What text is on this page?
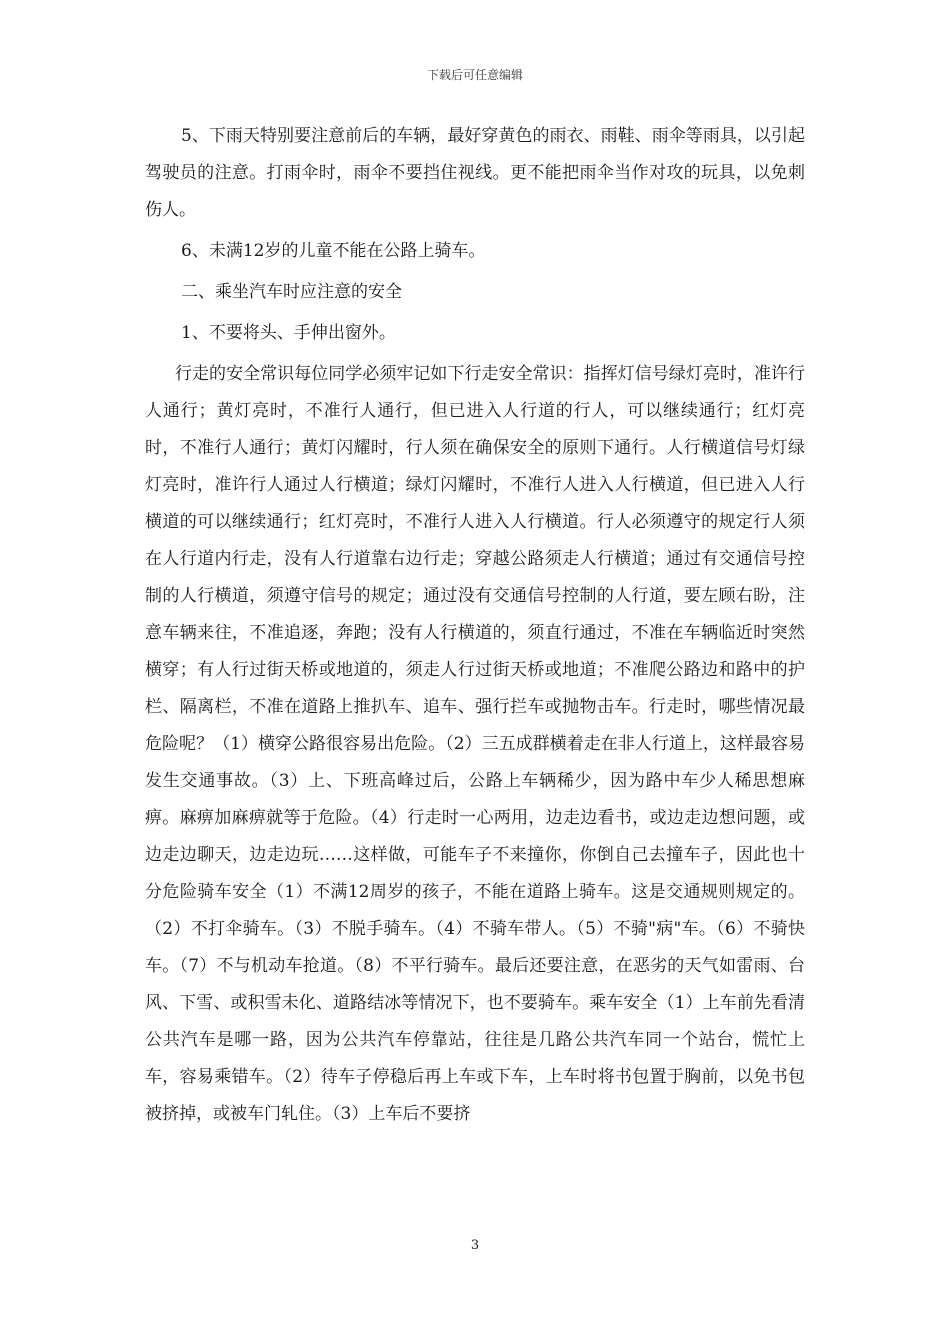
下载后可任意编辑

5、下雨天特别要注意前后的车辆，最好穿黄色的雨衣、雨鞋、雨伞等雨具，以引起驾驶员的注意。打雨伞时，雨伞不要挡住视线。更不能把雨伞当作对攻的玩具，以免刺伤人。

6、未满12岁的儿童不能在公路上骑车。

二、乘坐汽车时应注意的安全

1、不要将头、手伸出窗外。

行走的安全常识每位同学必须牢记如下行走安全常识：指挥灯信号绿灯亮时，准许行人通行；黄灯亮时，不准行人通行，但已进入人行道的行人，可以继续通行；红灯亮时，不准行人通行；黄灯闪耀时，行人须在确保安全的原则下通行。人行横道信号灯绿灯亮时，准许行人通过人行横道；绿灯闪耀时，不准行人进入人行横道，但已进入人行横道的可以继续通行；红灯亮时，不准行人进入人行横道。行人必须遵守的规定行人须在人行道内行走，没有人行道靠右边行走；穿越公路须走人行横道；通过有交通信号控制的人行横道，须遵守信号的规定；通过没有交通信号控制的人行道，要左顾右盼，注意车辆来往，不准追逐，奔跑；没有人行横道的，须直行通过，不准在车辆临近时突然横穿；有人行过街天桥或地道的，须走人行过街天桥或地道；不准爬公路边和路中的护栏、隔离栏，不准在道路上推扒车、追车、强行拦车或抛物击车。行走时，哪些情况最危险呢？（1）横穿公路很容易出危险。（2）三五成群横着走在非人行道上，这样最容易发生交通事故。（3）上、下班高峰过后，公路上车辆稀少，因为路中车少人稀思想麻痹。麻痹加麻痹就等于危险。（4）行走时一心两用，边走边看书，或边走边想问题，或边走边聊天，边走边玩……这样做，可能车子不来撞你，你倒自己去撞车子，因此也十分危险骑车安全（1）不满12周岁的孩子，不能在道路上骑车。这是交通规则规定的。（2）不打伞骑车。（3）不脱手骑车。（4）不骑车带人。（5）不骑"病"车。（6）不骑快车。（7）不与机动车抢道。（8）不平行骑车。最后还要注意，在恶劣的天气如雷雨、台风、下雪、或积雪未化、道路结冰等情况下，也不要骑车。乘车安全（1）上车前先看清公共汽车是哪一路，因为公共汽车停靠站，往往是几路公共汽车同一个站台，慌忙上车，容易乘错车。（2）待车子停稳后再上车或下车，上车时将书包置于胸前，以免书包被挤掉，或被车门轧住。（3）上车后不要挤

3
